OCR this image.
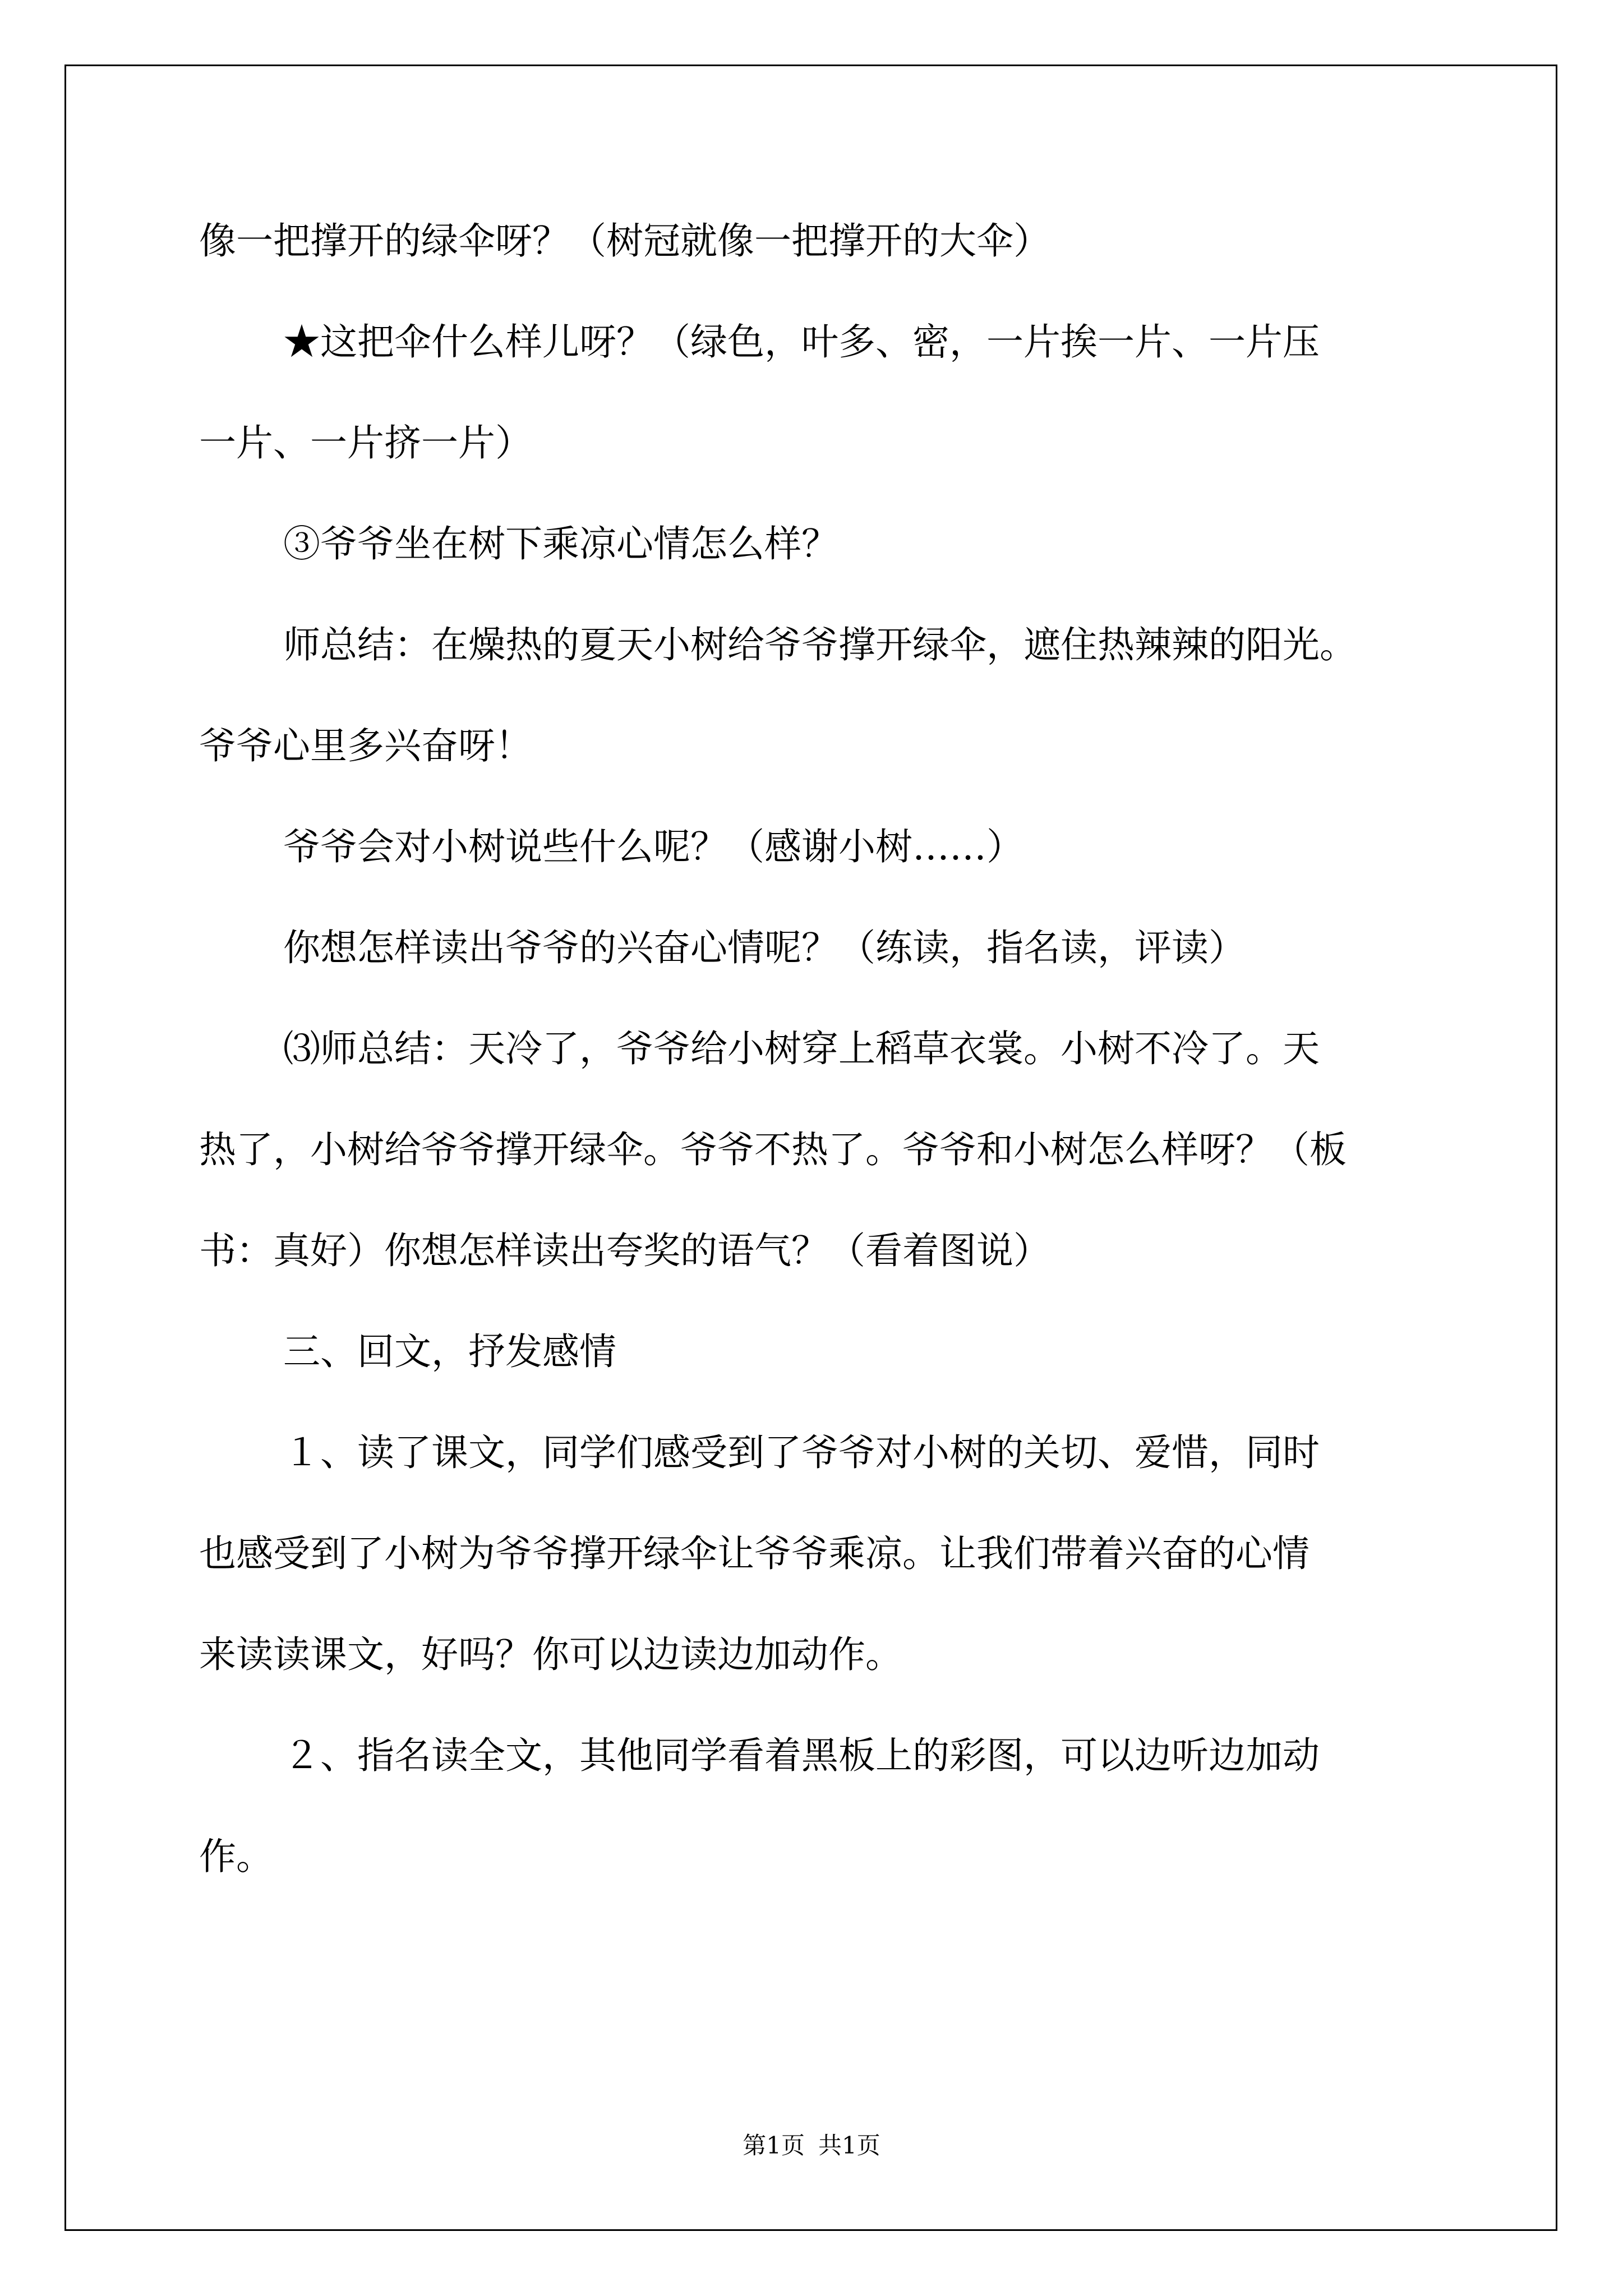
像一把撑开的绿伞呀？（树冠就像一把撑开的大伞）
★这把伞什么样儿呀？（绿色，叶多、密，一片挨一片、一片压
一片、一片挤一片）
③爷爷坐在树下乘凉心情怎么样？
师总结：在燥热的夏天小树给爷爷撑开绿伞，遮住热辣辣的阳光。
爷爷心里多兴奋呀！
爷爷会对小树说些什么呢？（感谢小树……）
你想怎样读出爷爷的兴奋心情呢？（练读，指名读，评读）
⑶师总结：天冷了，爷爷给小树穿上稻草衣裳。小树不冷了。天
热了，小树给爷爷撑开绿伞。爷爷不热了。爷爷和小树怎么样呀？（板
书：真好）你想怎样读出夸奖的语气？（看着图说）
三、回文，抒发感情
１、读了课文，同学们感受到了爷爷对小树的关切、爱惜，同时
也感受到了小树为爷爷撑开绿伞让爷爷乘凉。让我们带着兴奋的心情
来读读课文，好吗？你可以边读边加动作。
２、指名读全文，其他同学看着黑板上的彩图，可以边听边加动
作。
第1页 共1页
